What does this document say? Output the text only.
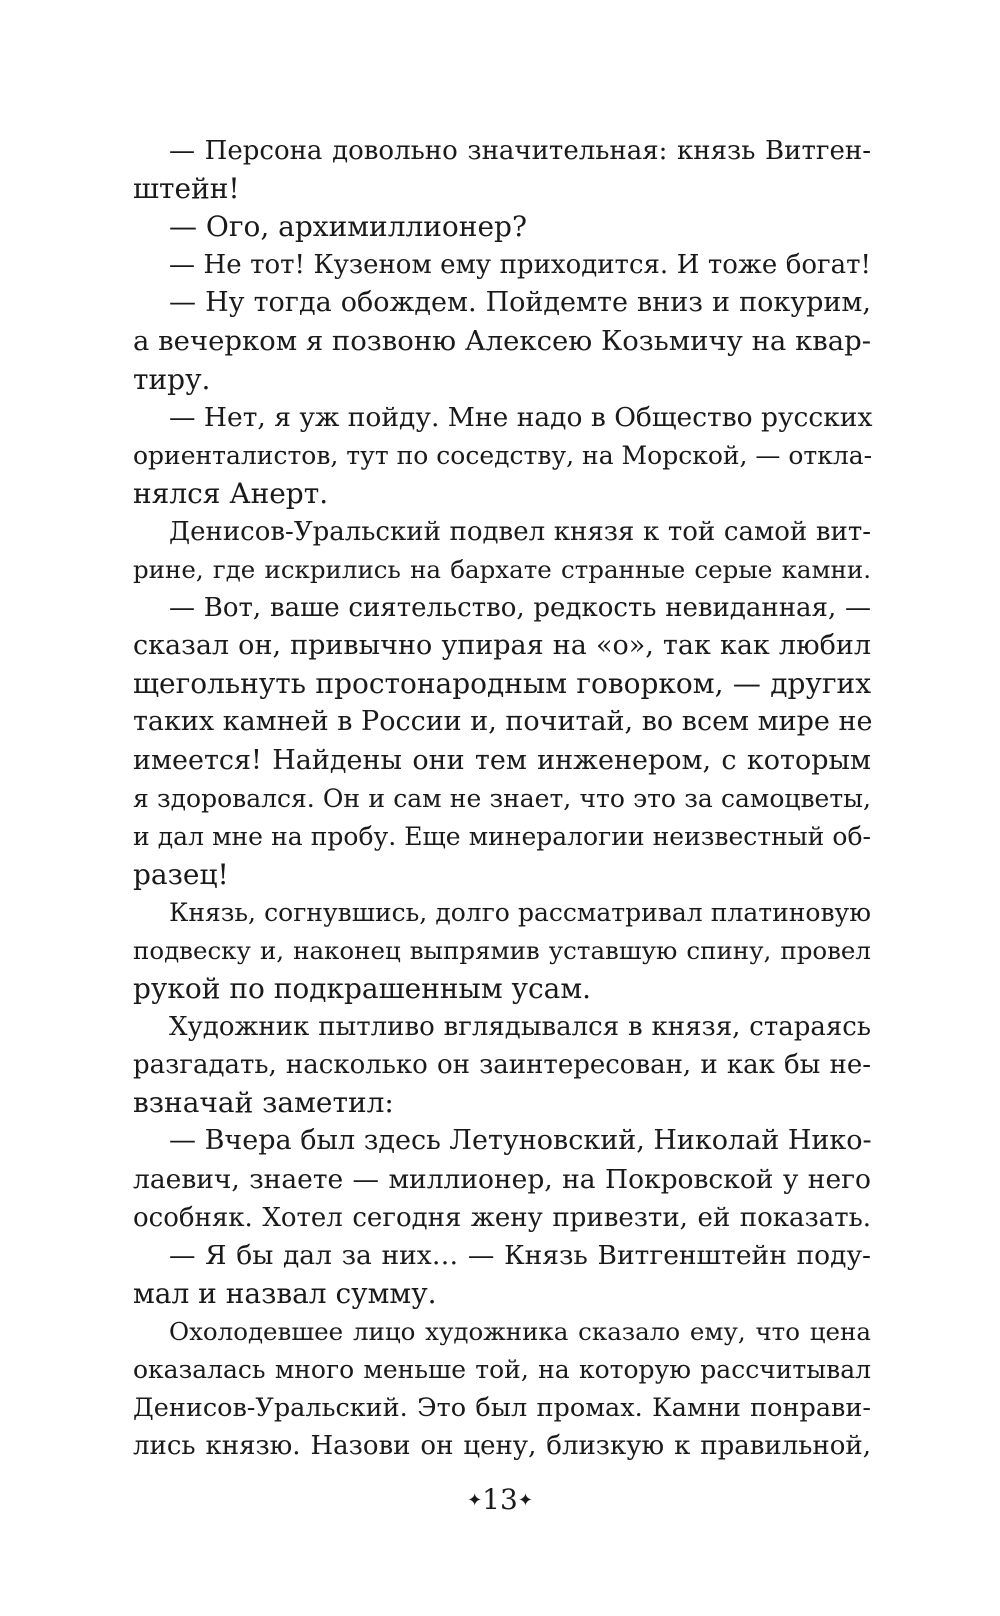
— Персона довольно значительная: князь Витген-
штейн!
— Ого, архимиллионер?
— Не тот! Кузеном ему приходится. И тоже богат!
— Ну тогда обождем. Пойдемте вниз и покурим,
а вечерком я позвоню Алексею Козьмичу на квар-
тиру.
— Нет, я уж пойду. Мне надо в Общество русских
ориенталистов, тут по соседству, на Морской, — откла-
нялся Анерт.
Денисов-Уральский подвел князя к той самой вит-
рине, где искрились на бархате странные серые камни.
— Вот, ваше сиятельство, редкость невиданная, —
сказал он, привычно упирая на «о», так как любил
щегольнуть простонародным говорком, — других
таких камней в России и, почитай, во всем мире не
имеется! Найдены они тем инженером, с которым
я здоровался. Он и сам не знает, что это за самоцветы,
и дал мне на пробу. Еще минералогии неизвестный об-
разец!
Князь, согнувшись, долго рассматривал платиновую
подвеску и, наконец выпрямив уставшую спину, провел
рукой по подкрашенным усам.
Художник пытливо вглядывался в князя, стараясь
разгадать, насколько он заинтересован, и как бы не-
взначай заметил:
— Вчера был здесь Летуновский, Николай Нико-
лаевич, знаете — миллионер, на Покровской у него
особняк. Хотел сегодня жену привезти, ей показать.
— Я бы дал за них… — Князь Витгенштейн поду-
мал и назвал сумму.
Охолодевшее лицо художника сказало ему, что цена
оказалась много меньше той, на которую рассчитывал
Денисов-Уральский. Это был промах. Камни понрави-
лись князю. Назови он цену, близкую к правильной,
✦13✦
